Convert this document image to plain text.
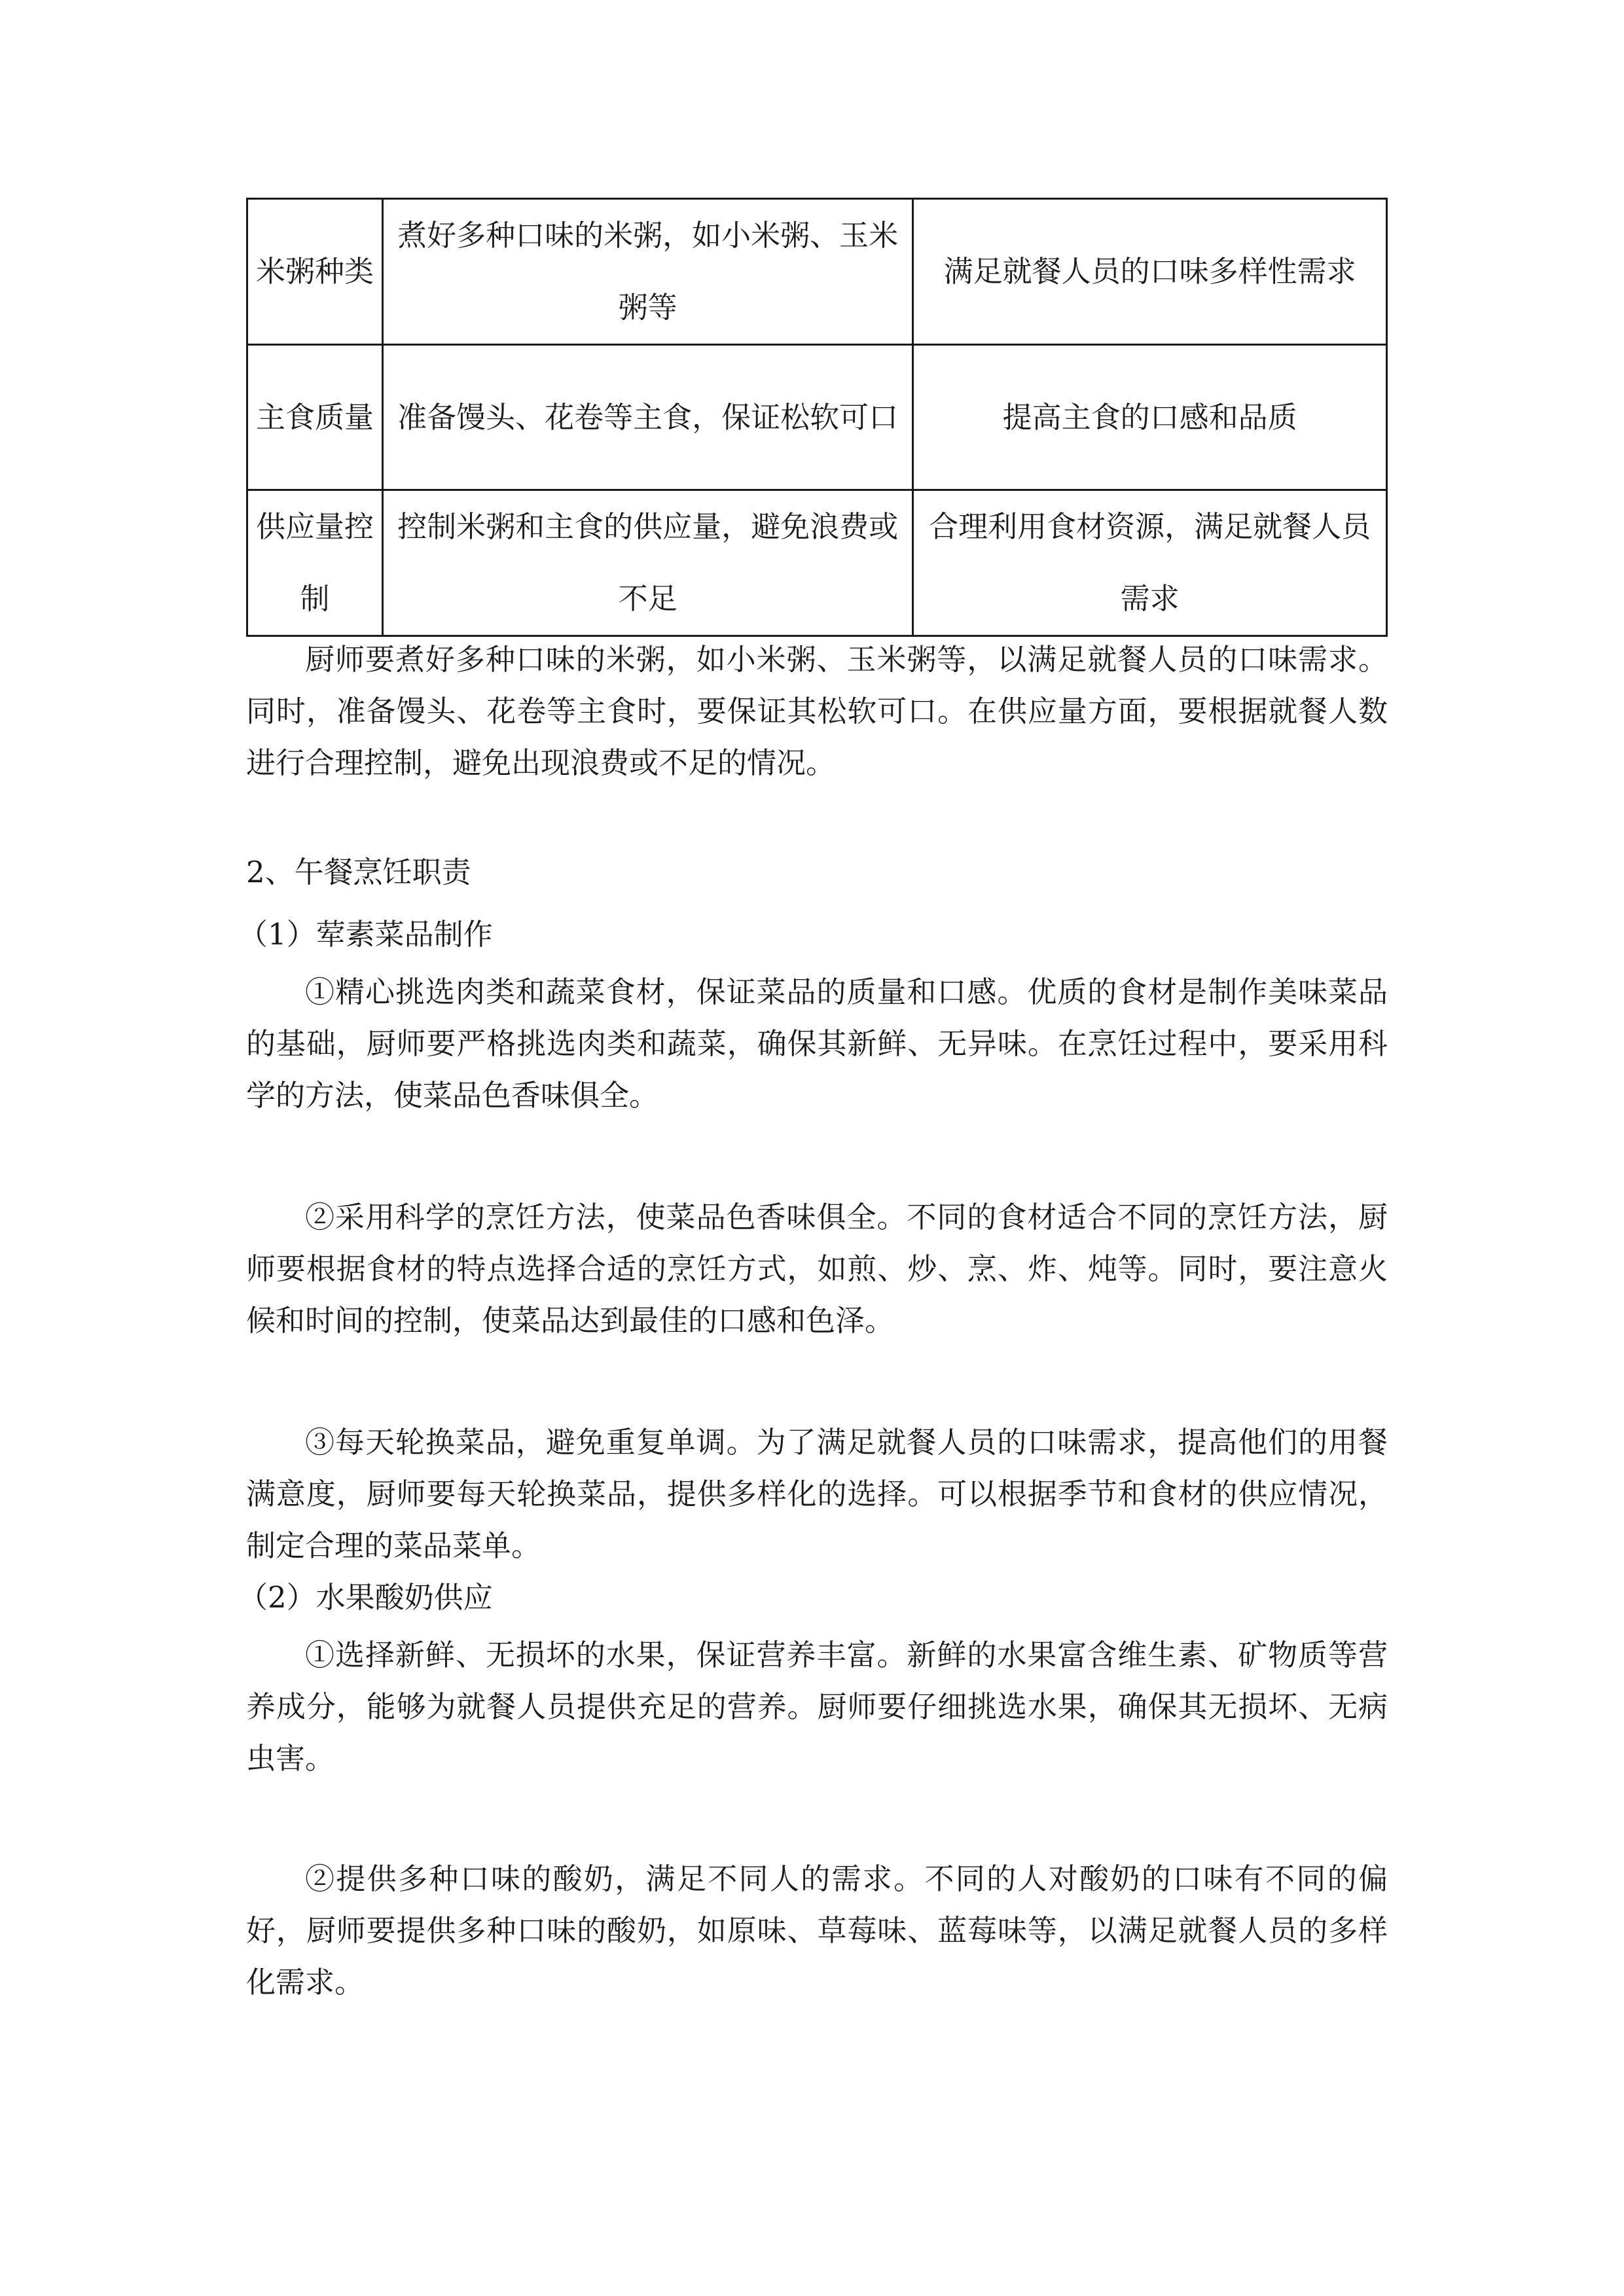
米粥种类	煮好多种口味的米粥，如小米粥、玉米粥等	满足就餐人员的口味多样性需求
主食质量	准备馒头、花卷等主食，保证松软可口	提高主食的口感和品质
供应量控制	控制米粥和主食的供应量，避免浪费或不足	合理利用食材资源，满足就餐人员需求

厨师要煮好多种口味的米粥，如小米粥、玉米粥等，以满足就餐人员的口味需求。同时，准备馒头、花卷等主食时，要保证其松软可口。在供应量方面，要根据就餐人数进行合理控制，避免出现浪费或不足的情况。

2、午餐烹饪职责
（1）荤素菜品制作

①精心挑选肉类和蔬菜食材，保证菜品的质量和口感。优质的食材是制作美味菜品的基础，厨师要严格挑选肉类和蔬菜，确保其新鲜、无异味。在烹饪过程中，要采用科学的方法，使菜品色香味俱全。

②采用科学的烹饪方法，使菜品色香味俱全。不同的食材适合不同的烹饪方法，厨师要根据食材的特点选择合适的烹饪方式，如煎、炒、烹、炸、炖等。同时，要注意火候和时间的控制，使菜品达到最佳的口感和色泽。

③每天轮换菜品，避免重复单调。为了满足就餐人员的口味需求，提高他们的用餐满意度，厨师要每天轮换菜品，提供多样化的选择。可以根据季节和食材的供应情况，制定合理的菜品菜单。

（2）水果酸奶供应

①选择新鲜、无损坏的水果，保证营养丰富。新鲜的水果富含维生素、矿物质等营养成分，能够为就餐人员提供充足的营养。厨师要仔细挑选水果，确保其无损坏、无病虫害。

②提供多种口味的酸奶，满足不同人的需求。不同的人对酸奶的口味有不同的偏好，厨师要提供多种口味的酸奶，如原味、草莓味、蓝莓味等，以满足就餐人员的多样化需求。
